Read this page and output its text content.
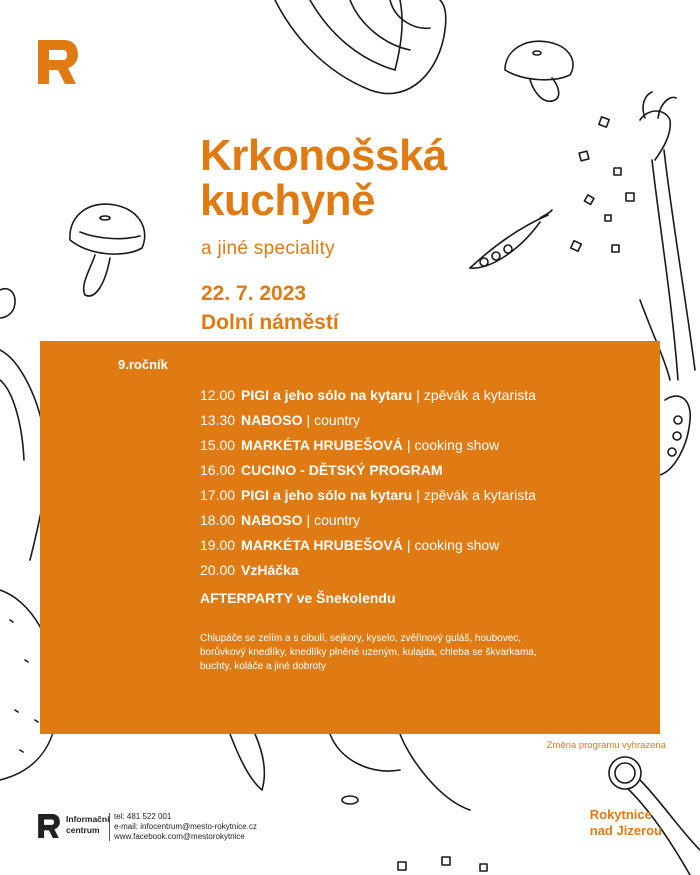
Krkonošská
kuchyně
a jiné speciality
22. 7. 2023
Dolní náměstí
9.ročník
12.00 PIGI a jeho sólo na kytaru | zpěvák a kytarista
13.30 NABOSO | country
15.00 MARKÉTA HRUBEŠOVÁ | cooking show
16.00 CUCINO - DĚTSKÝ PROGRAM
17.00 PIGI a jeho sólo na kytaru | zpěvák a kytarista
18.00 NABOSO | country
19.00 MARKÉTA HRUBEŠOVÁ | cooking show
20.00 VzHáčka
AFTERPARTY ve Šnekolendu
Chlupáče se zelím a s cibulí, sejkory, kyselo, zvěřinový guláš, houbovec,
borůvkový knedlíky, knedlíky plněné uzeným, kulajda, chleba se škvarkama,
buchty, koláče a jiné dobroty
Změna programu vyhrazena
Informační
centrum
tel: 481 522 001
e-mail: infocentrum@mesto-rokytnice.cz
www.facebook.com@mestorokytnice
Rokytnice
nad Jizerou
